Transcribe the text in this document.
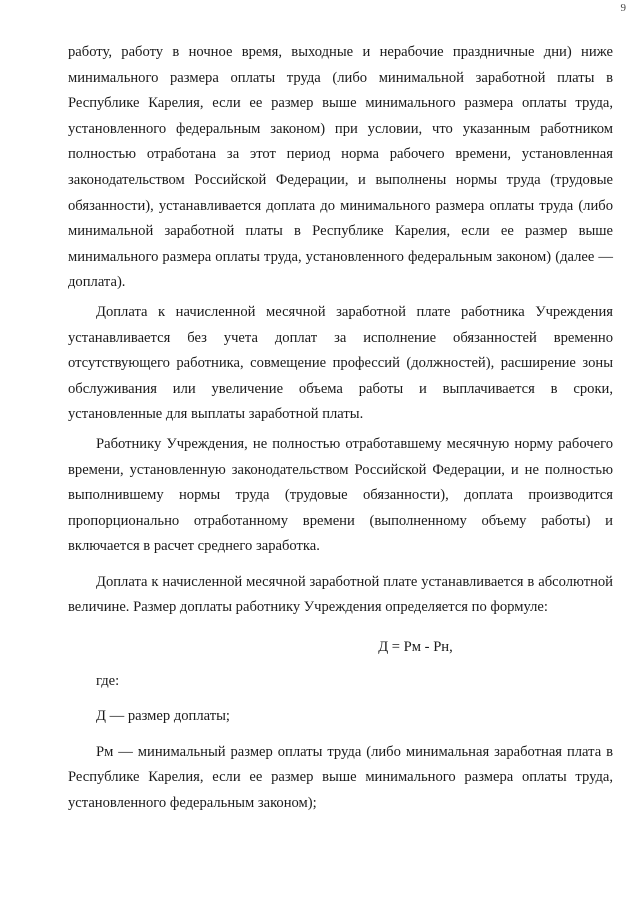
9

работу, работу в ночное время, выходные и нерабочие праздничные дни) ниже минимального размера оплаты труда (либо минимальной заработной платы в Республике Карелия, если ее размер выше минимального размера оплаты труда, установленного федеральным законом) при условии, что указанным работником полностью отработана за этот период норма рабочего времени, установленная законодательством Российской Федерации, и выполнены нормы труда (трудовые обязанности), устанавливается доплата до минимального размера оплаты труда (либо минимальной заработной платы в Республике Карелия, если ее размер выше минимального размера оплаты труда, установленного федеральным законом) (далее — доплата).

Доплата к начисленной месячной заработной плате работника Учреждения устанавливается без учета доплат за исполнение обязанностей временно отсутствующего работника, совмещение профессий (должностей), расширение зоны обслуживания или увеличение объема работы и выплачивается в сроки, установленные для выплаты заработной платы.

Работнику Учреждения, не полностью отработавшему месячную норму рабочего времени, установленную законодательством Российской Федерации, и не полностью выполнившему нормы труда (трудовые обязанности), доплата производится пропорционально отработанному времени (выполненному объему работы) и включается в расчет среднего заработка.

Доплата к начисленной месячной заработной плате устанавливается в абсолютной величине. Размер доплаты работнику Учреждения определяется по формуле:

Д = Рм - Рн,
где:

Д — размер доплаты;

Рм — минимальный размер оплаты труда (либо минимальная заработная плата в Республике Карелия, если ее размер выше минимального размера оплаты труда, установленного федеральным законом);
